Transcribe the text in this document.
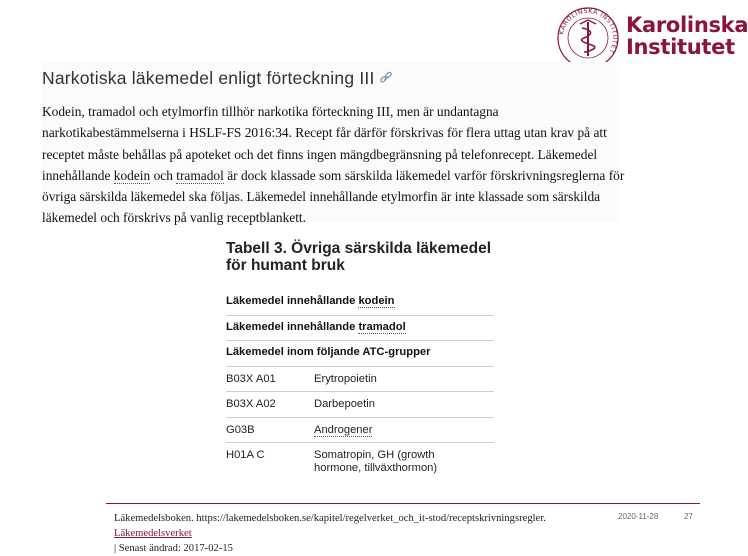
KAROLINSKA INSTITUTET
Karolinska
Institutet
Narkotiska läkemedel enligt förteckning III
Kodein, tramadol och etylmorfin tillhör narkotika förteckning III, men är undantagna
narkotikabestämmelserna i HSLF-FS 2016:34. Recept får därför förskrivas för flera uttag utan krav på att
receptet måste behållas på apoteket och det finns ingen mängdbegränsning på telefonrecept. Läkemedel
innehållande kodein och tramadol är dock klassade som särskilda läkemedel varför förskrivningsreglerna för
övriga särskilda läkemedel ska följas. Läkemedel innehållande etylmorfin är inte klassade som särskilda
läkemedel och förskrivs på vanlig receptblankett.
Tabell 3. Övriga särskilda läkemedel
för humant bruk
Läkemedel innehållande kodein
Läkemedel innehållande tramadol
Läkemedel inom följande ATC-grupper
B03X A01	Erytropoietin
B03X A02	Darbepoetin
G03B	Androgener
H01A C	Somatropin, GH (growth
hormone, tillväxthormon)
Läkemedelsboken. https://lakemedelsboken.se/kapitel/regelverket_och_it-stod/receptskrivningsregler.
Läkemedelsverket
| Senast ändrad: 2017-02-15
2020-11-28	27
